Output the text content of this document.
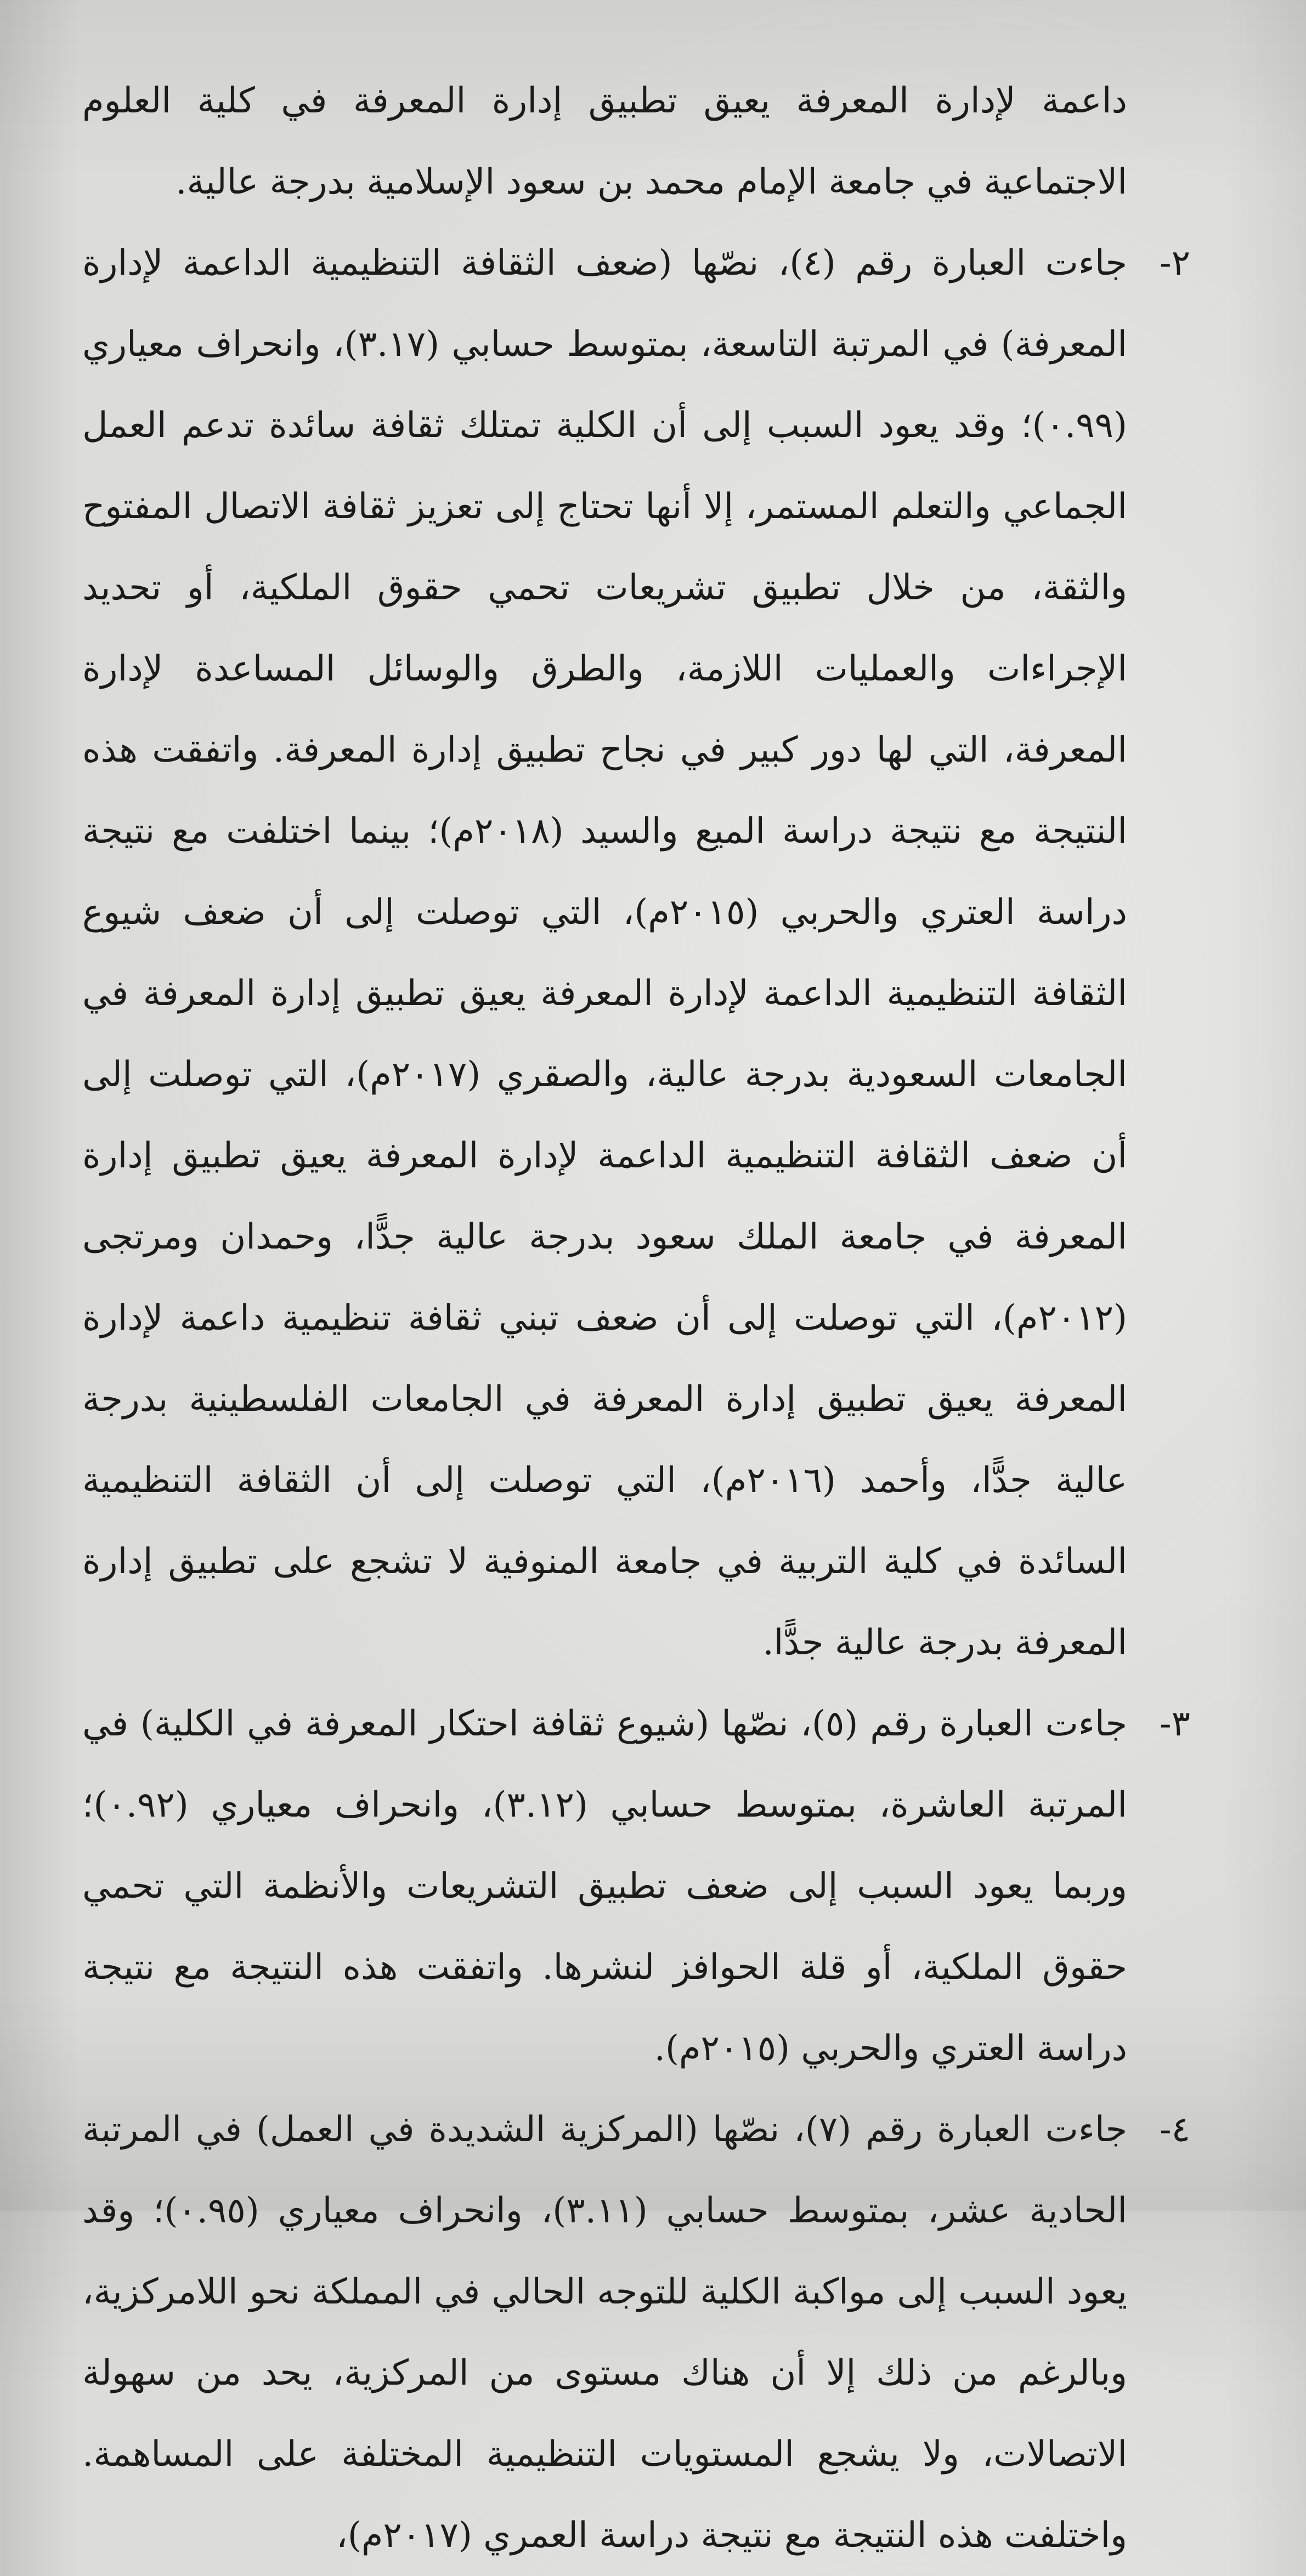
داعمة لإدارة المعرفة يعيق تطبيق إدارة المعرفة في كلية العلوم الاجتماعية في جامعة الإمام محمد بن سعود الإسلامية بدرجة عالية.

٢-
جاءت العبارة رقم (٤)، نصّها (ضعف الثقافة التنظيمية الداعمة لإدارة المعرفة) في المرتبة التاسعة، بمتوسط حسابي (٣.١٧)، وانحراف معياري (٠.٩٩)؛ وقد يعود السبب إلى أن الكلية تمتلك ثقافة سائدة تدعم العمل الجماعي والتعلم المستمر، إلا أنها تحتاج إلى تعزيز ثقافة الاتصال المفتوح والثقة، من خلال تطبيق تشريعات تحمي حقوق الملكية، أو تحديد الإجراءات والعمليات اللازمة، والطرق والوسائل المساعدة لإدارة المعرفة، التي لها دور كبير في نجاح تطبيق إدارة المعرفة. واتفقت هذه النتيجة مع نتيجة دراسة الميع والسيد (٢٠١٨م)؛ بينما اختلفت مع نتيجة دراسة العتري والحربي (٢٠١٥م)، التي توصلت إلى أن ضعف شيوع الثقافة التنظيمية الداعمة لإدارة المعرفة يعيق تطبيق إدارة المعرفة في الجامعات السعودية بدرجة عالية، والصقري (٢٠١٧م)، التي توصلت إلى أن ضعف الثقافة التنظيمية الداعمة لإدارة المعرفة يعيق تطبيق إدارة المعرفة في جامعة الملك سعود بدرجة عالية جدًّا، وحمدان ومرتجى (٢٠١٢م)، التي توصلت إلى أن ضعف تبني ثقافة تنظيمية داعمة لإدارة المعرفة يعيق تطبيق إدارة المعرفة في الجامعات الفلسطينية بدرجة عالية جدًّا، وأحمد (٢٠١٦م)، التي توصلت إلى أن الثقافة التنظيمية السائدة في كلية التربية في جامعة المنوفية لا تشجع على تطبيق إدارة المعرفة بدرجة عالية جدًّا.
٣-
جاءت العبارة رقم (٥)، نصّها (شيوع ثقافة احتكار المعرفة في الكلية) في المرتبة العاشرة، بمتوسط حسابي (٣.١٢)، وانحراف معياري (٠.٩٢)؛ وربما يعود السبب إلى ضعف تطبيق التشريعات والأنظمة التي تحمي حقوق الملكية، أو قلة الحوافز لنشرها. واتفقت هذه النتيجة مع نتيجة دراسة العتري والحربي (٢٠١٥م).
٤-
جاءت العبارة رقم (٧)، نصّها (المركزية الشديدة في العمل) في المرتبة الحادية عشر، بمتوسط حسابي (٣.١١)، وانحراف معياري (٠.٩٥)؛ وقد يعود السبب إلى مواكبة الكلية للتوجه الحالي في المملكة نحو اللامركزية، وبالرغم من ذلك إلا أن هناك مستوى من المركزية، يحد من سهولة الاتصالات، ولا يشجع المستويات التنظيمية المختلفة على المساهمة. واختلفت هذه النتيجة مع نتيجة دراسة العمري (٢٠١٧م)،
